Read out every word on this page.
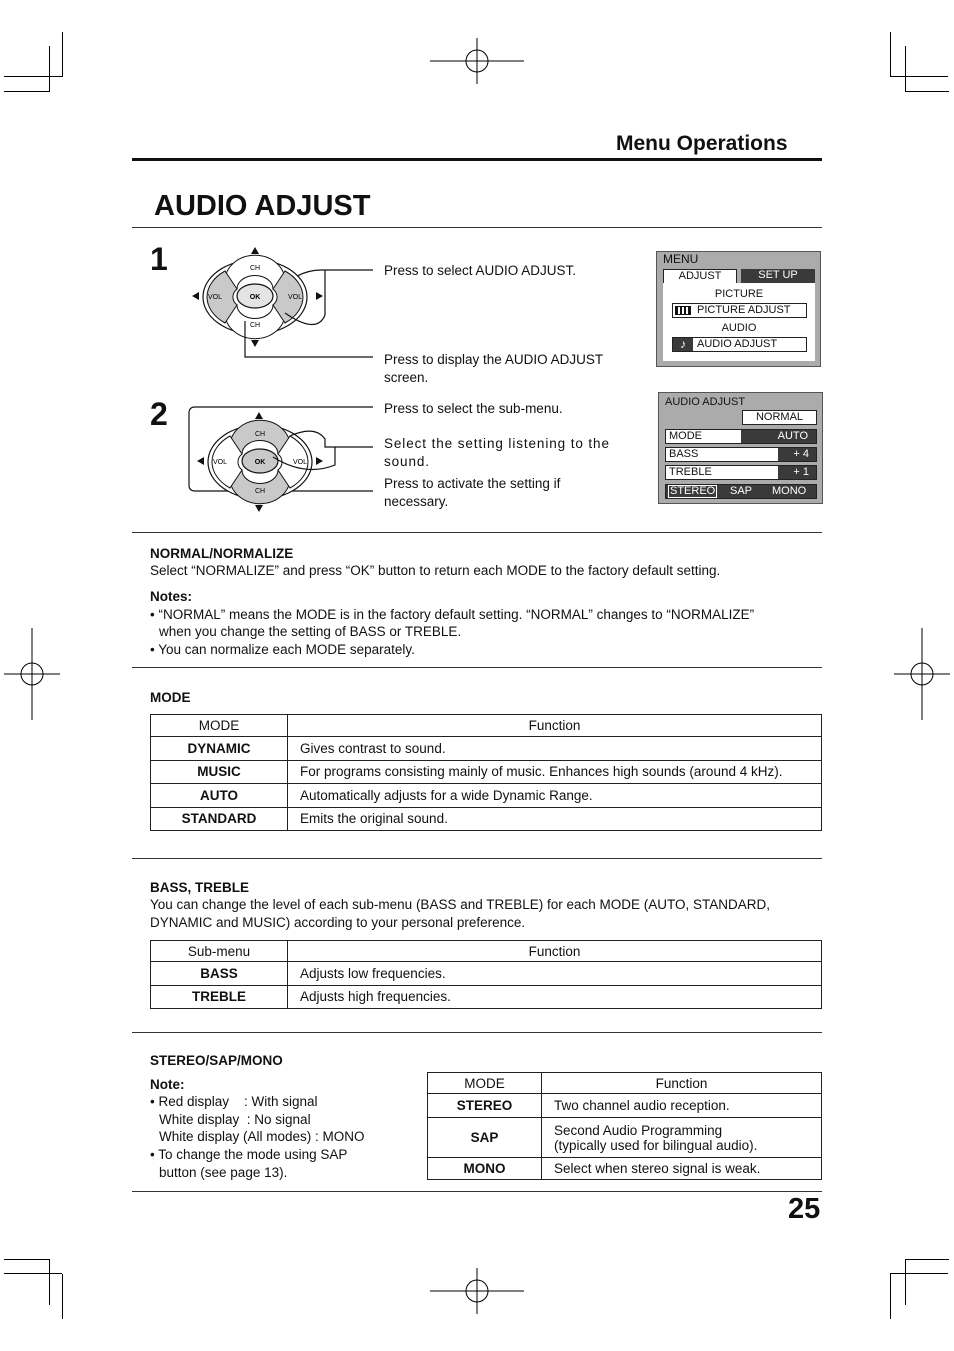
Menu Operations
AUDIO ADJUST
1	CH
CH
VOL	VOL
OK
Press to select AUDIO ADJUST.
Press to display the AUDIO ADJUST screen.
MENU
ADJUST	SET UP
PICTURE
PICTURE ADJUST
AUDIO
♪	AUDIO ADJUST
2
CH
CH
VOL	VOL
OK
Press to select the sub-menu.
Select the setting listening to the sound.
Press to activate the setting if necessary.
AUDIO ADJUST
NORMAL
MODE	AUTO
BASS	+ 4
TREBLE	+ 1
STEREO SAP MONO
NORMAL/NORMALIZE
Select “NORMALIZE” and press “OK” button to return each MODE to the factory default setting.
Notes:
• “NORMAL” means the MODE is in the factory default setting. “NORMAL” changes to “NORMALIZE”
when you change the setting of BASS or TREBLE.
• You can normalize each MODE separately.
MODE
MODE	Function
DYNAMIC	Gives contrast to sound.
MUSIC	For programs consisting mainly of music. Enhances high sounds (around 4 kHz).
AUTO	Automatically adjusts for a wide Dynamic Range.
STANDARD	Emits the original sound.
BASS, TREBLE
You can change the level of each sub-menu (BASS and TREBLE) for each MODE (AUTO, STANDARD,
DYNAMIC and MUSIC) according to your personal preference.
Sub-menu	Function
BASS	Adjusts low frequencies.
TREBLE	Adjusts high frequencies.
STEREO/SAP/MONO
Note:
• Red display    : With signal
White display  : No signal
White display (All modes) : MONO
• To change the mode using SAP
button (see page 13).
MODE	Function
STEREO	Two channel audio reception.
SAP	Second Audio Programming
(typically used for bilingual audio).

MONO	Select when stereo signal is weak.
25
